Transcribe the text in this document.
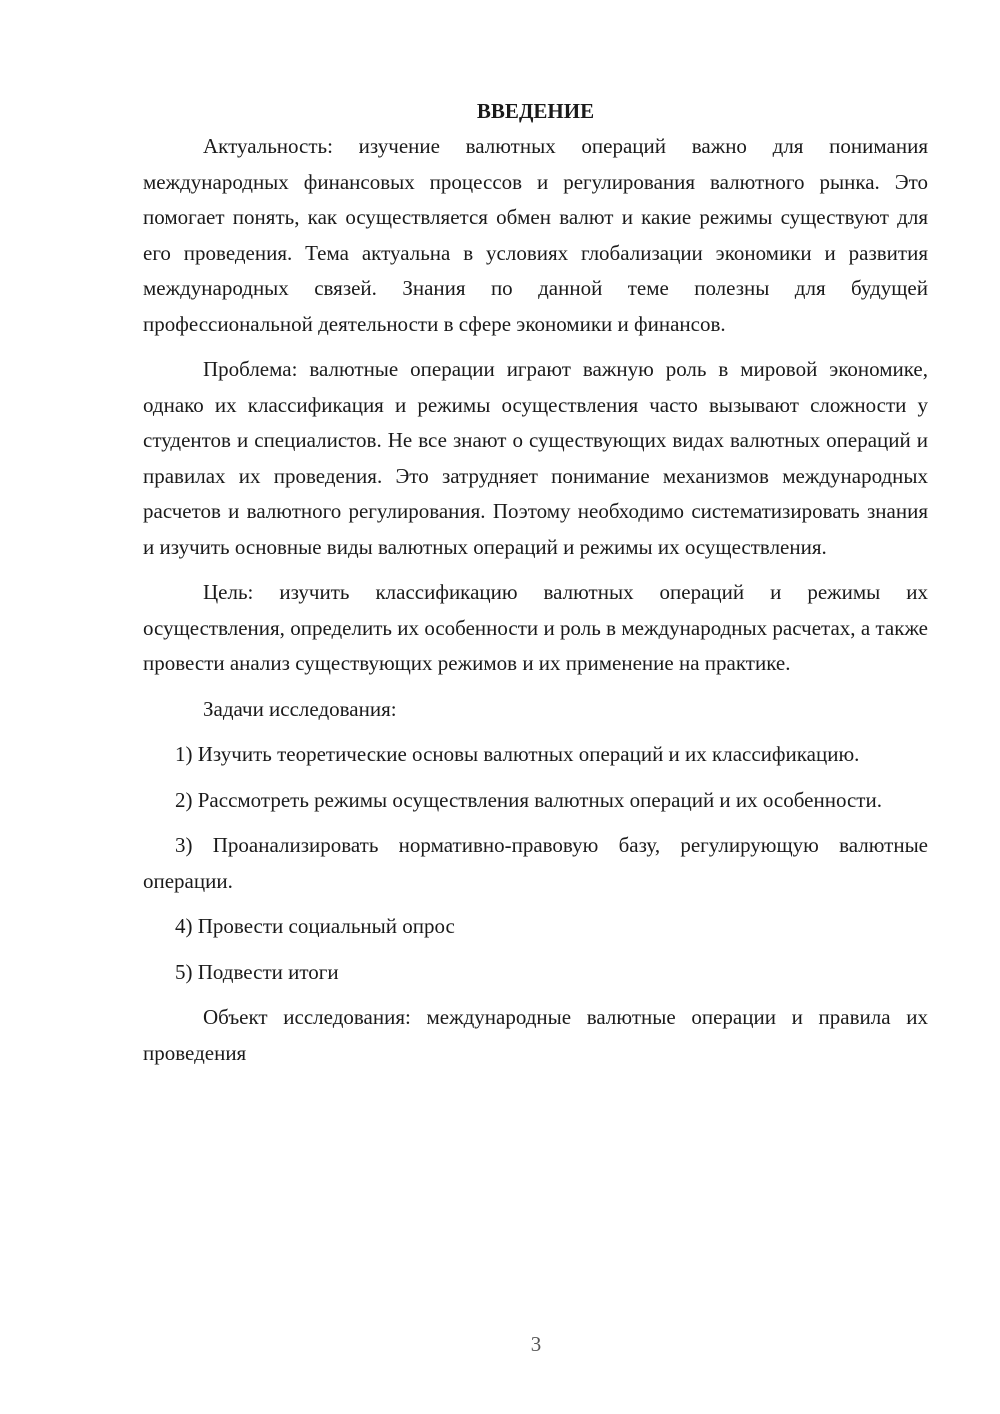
ВВЕДЕНИЕ

Актуальность: изучение валютных операций важно для понимания международных финансовых процессов и регулирования валютного рынка. Это помогает понять, как осуществляется обмен валют и какие режимы существуют для его проведения. Тема актуальна в условиях глобализации экономики и развития международных связей. Знания по данной теме полезны для будущей профессиональной деятельности в сфере экономики и финансов.

Проблема: валютные операции играют важную роль в мировой экономике, однако их классификация и режимы осуществления часто вызывают сложности у студентов и специалистов. Не все знают о существующих видах валютных операций и правилах их проведения. Это затрудняет понимание механизмов международных расчетов и валютного регулирования. Поэтому необходимо систематизировать знания и изучить основные виды валютных операций и режимы их осуществления.

Цель: изучить классификацию валютных операций и режимы их осуществления, определить их особенности и роль в международных расчетах, а также провести анализ существующих режимов и их применение на практике.

Задачи исследования:

1) Изучить теоретические основы валютных операций и их классификацию.

2) Рассмотреть режимы осуществления валютных операций и их особенности.

3) Проанализировать нормативно-правовую базу, регулирующую валютные операции.

4) Провести социальный опрос

5) Подвести итоги

Объект исследования: международные валютные операции и правила их проведения

3
